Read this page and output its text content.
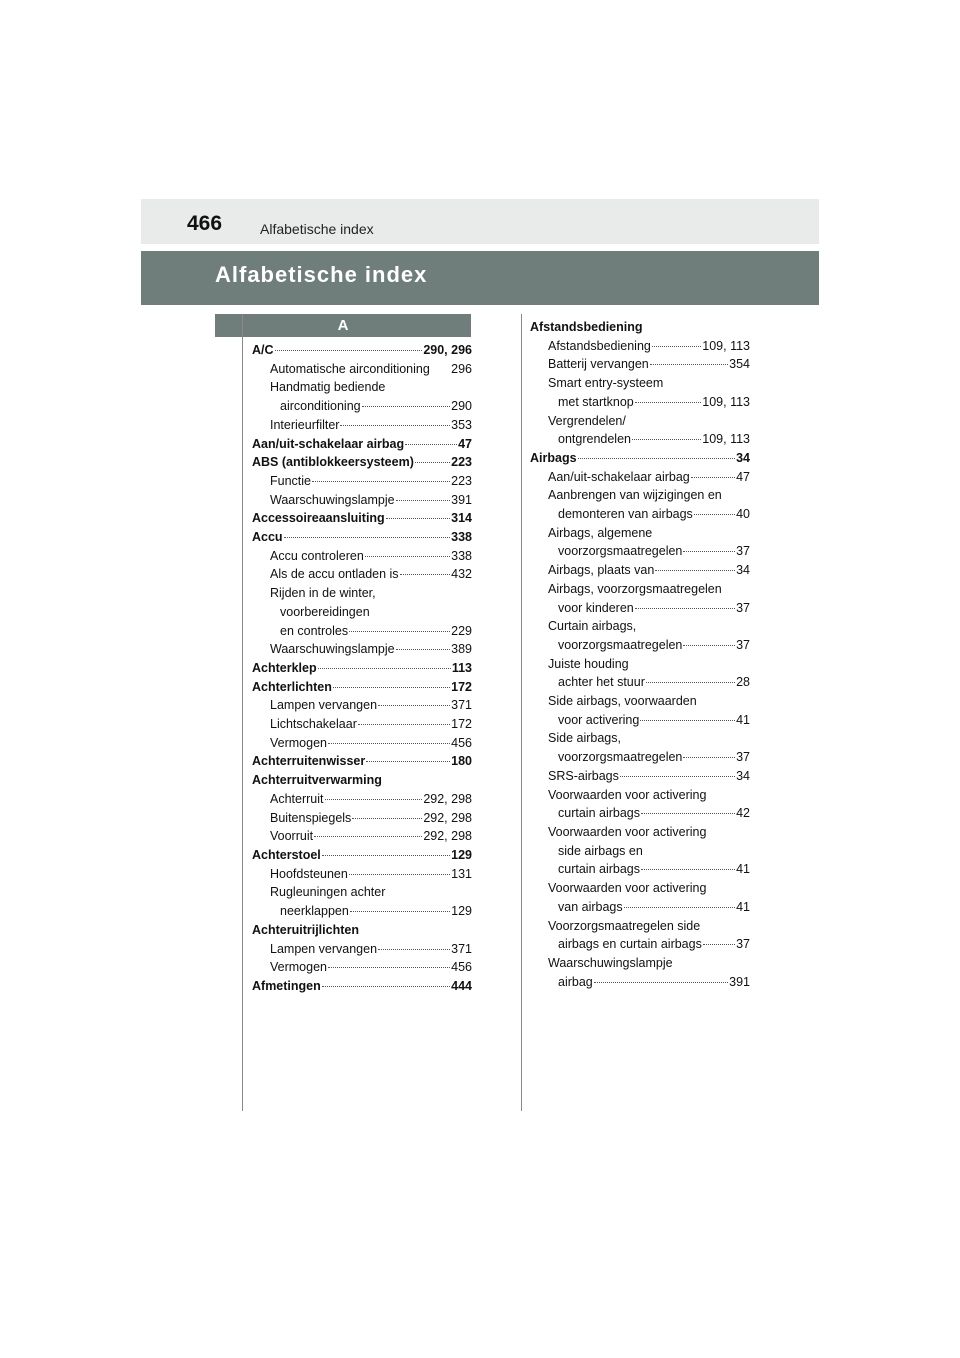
466	Alfabetische index
Alfabetische index
A
A/C	290, 296
Automatische airconditioning 296
Handmatig bediende
airconditioning	290
Interieurfilter	353
Aan/uit-schakelaar airbag	47
ABS (antiblokkeersysteem)	223
Functie	223
Waarschuwingslampje	391
Accessoireaansluiting	314
Accu	338
Accu controleren	338
Als de accu ontladen is	432
Rijden in de winter,
voorbereidingen
en controles	229
Waarschuwingslampje	389
Achterklep	113
Achterlichten	172
Lampen vervangen	371
Lichtschakelaar	172
Vermogen	456
Achterruitenwisser	180
Achterruitverwarming
Achterruit	292, 298
Buitenspiegels	292, 298
Voorruit	292, 298
Achterstoel	129
Hoofdsteunen	131
Rugleuningen achter
neerklappen	129
Achteruitrijlichten
Lampen vervangen	371
Vermogen	456
Afmetingen	444
Afstandsbediening
Afstandsbediening	109, 113
Batterij vervangen	354
Smart entry-systeem
met startknop	109, 113
Vergrendelen/
ontgrendelen	109, 113
Airbags	34
Aan/uit-schakelaar airbag	47
Aanbrengen van wijzigingen en
demonteren van airbags	40
Airbags, algemene
voorzorgsmaatregelen	37
Airbags, plaats van	34
Airbags, voorzorgsmaatregelen
voor kinderen	37
Curtain airbags,
voorzorgsmaatregelen	37
Juiste houding
achter het stuur	28
Side airbags, voorwaarden
voor activering	41
Side airbags,
voorzorgsmaatregelen	37
SRS-airbags	34
Voorwaarden voor activering
curtain airbags	42
Voorwaarden voor activering
side airbags en
curtain airbags	41
Voorwaarden voor activering
van airbags	41
Voorzorgsmaatregelen side
airbags en curtain airbags	37
Waarschuwingslampje
airbag	391
